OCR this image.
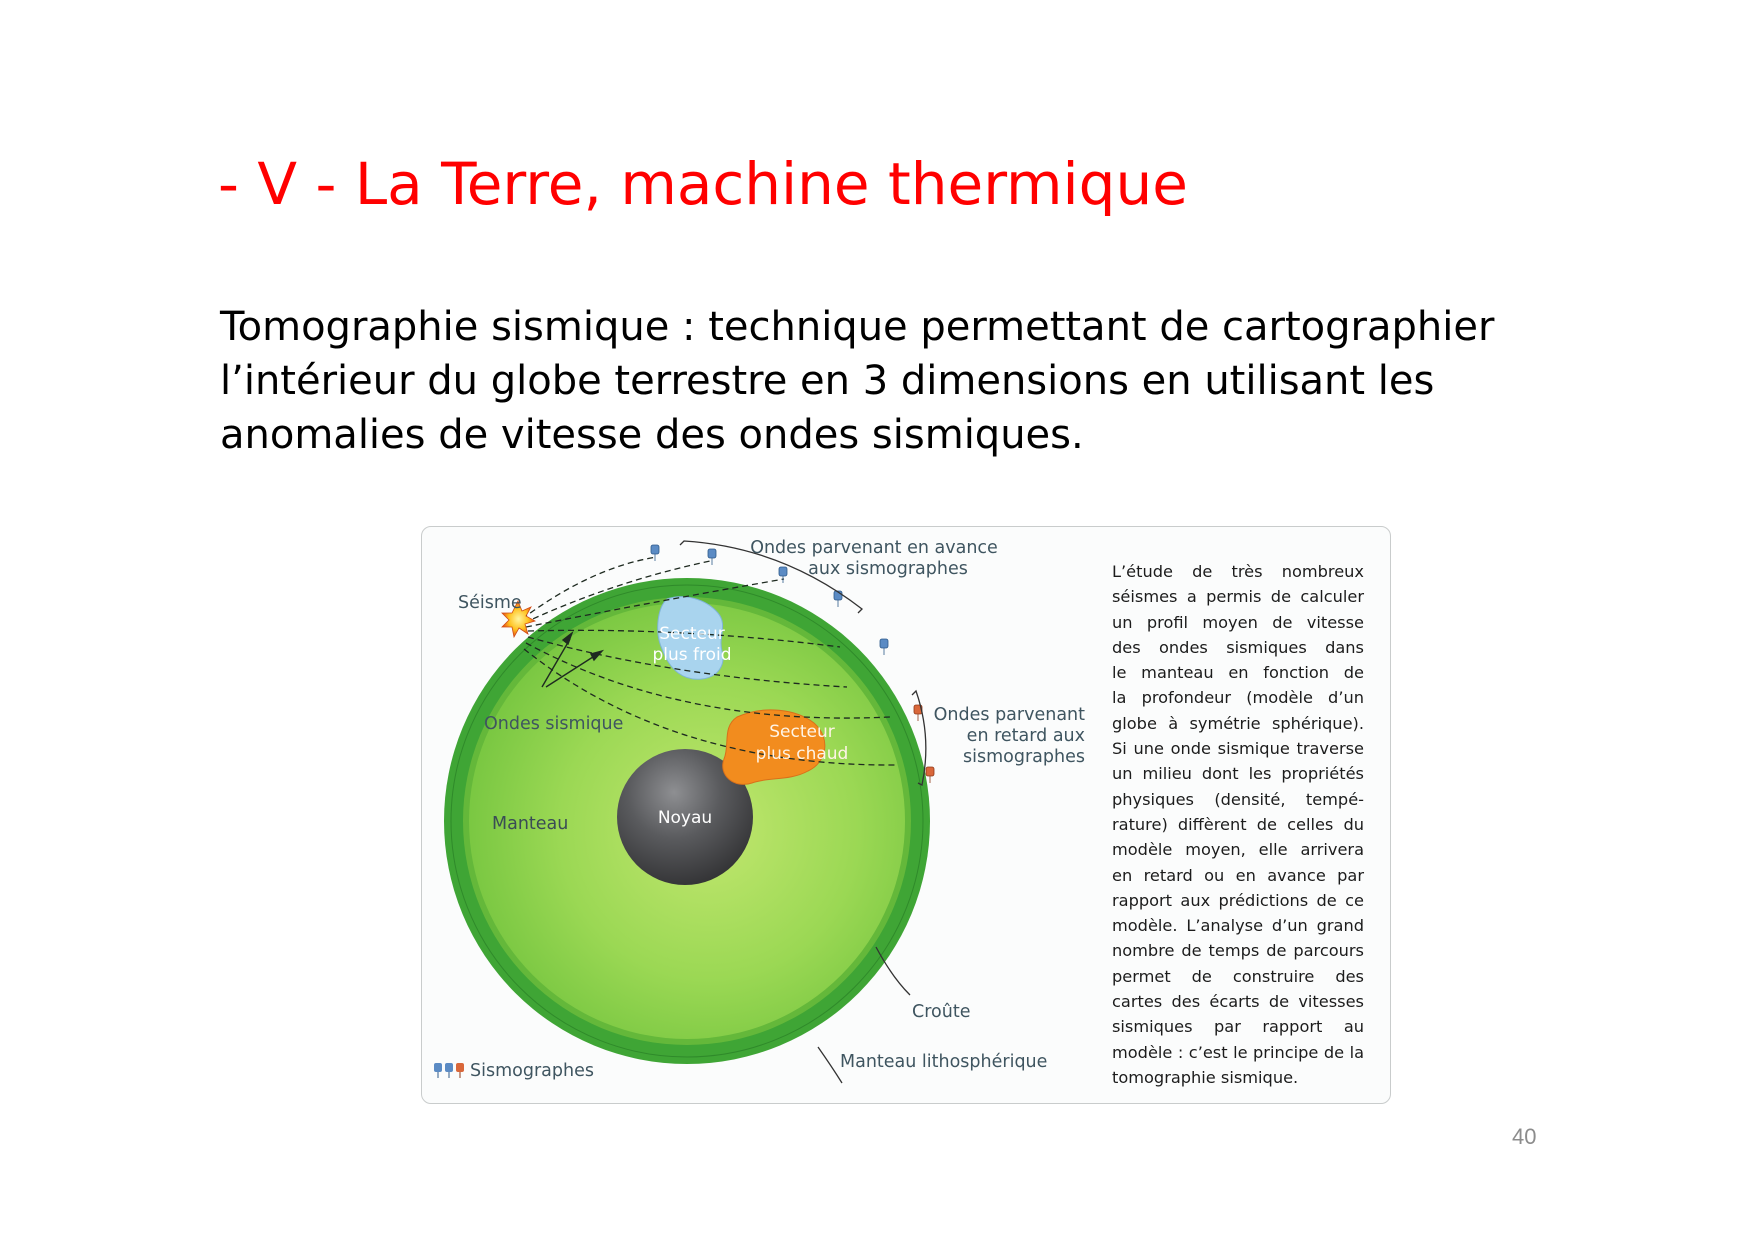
- V - La Terre, machine thermique
Tomographie sismique : technique permettant de cartographier
l’intérieur du globe terrestre en 3 dimensions en utilisant les
anomalies de vitesse des ondes sismiques.
Séisme
Ondes sismique
Manteau	Noyau
Secteur
plus froid
Secteur
plus chaud
Ondes parvenant en avance
aux sismographes
Ondes parvenant
en retard aux
sismographes
Croûte
Manteau lithosphérique
Sismographes
L’étude de très nombreux
séismes a permis de calculer
un profil moyen de vitesse
des ondes sismiques dans
le manteau en fonction de
la profondeur (modèle d’un
globe à symétrie sphérique).
Si une onde sismique traverse
un milieu dont les propriétés
physiques (densité, tempé-
rature) diffèrent de celles du
modèle moyen, elle arrivera
en retard ou en avance par
rapport aux prédictions de ce
modèle. L’analyse d’un grand
nombre de temps de parcours
permet de construire des
cartes des écarts de vitesses
sismiques par rapport au
modèle : c’est le principe de la
tomographie sismique.
40
